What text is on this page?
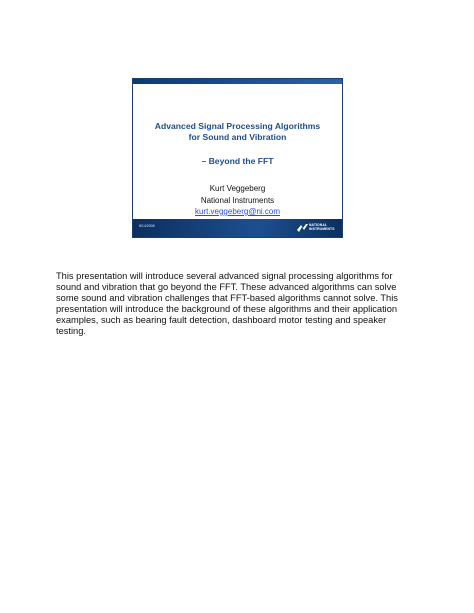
Advanced Signal Processing Algorithms
for Sound and Vibration
– Beyond the FFT
Kurt Veggeberg
National Instruments
kurt.veggeberg@ni.com
8/14/2008	NATIONAL
INSTRUMENTS
This presentation will introduce several advanced signal processing algorithms for
sound and vibration that go beyond the FFT. These advanced algorithms can solve
some sound and vibration challenges that FFT-based algorithms cannot solve. This
presentation will introduce the background of these algorithms and their application
examples, such as bearing fault detection, dashboard motor testing and speaker
testing.
